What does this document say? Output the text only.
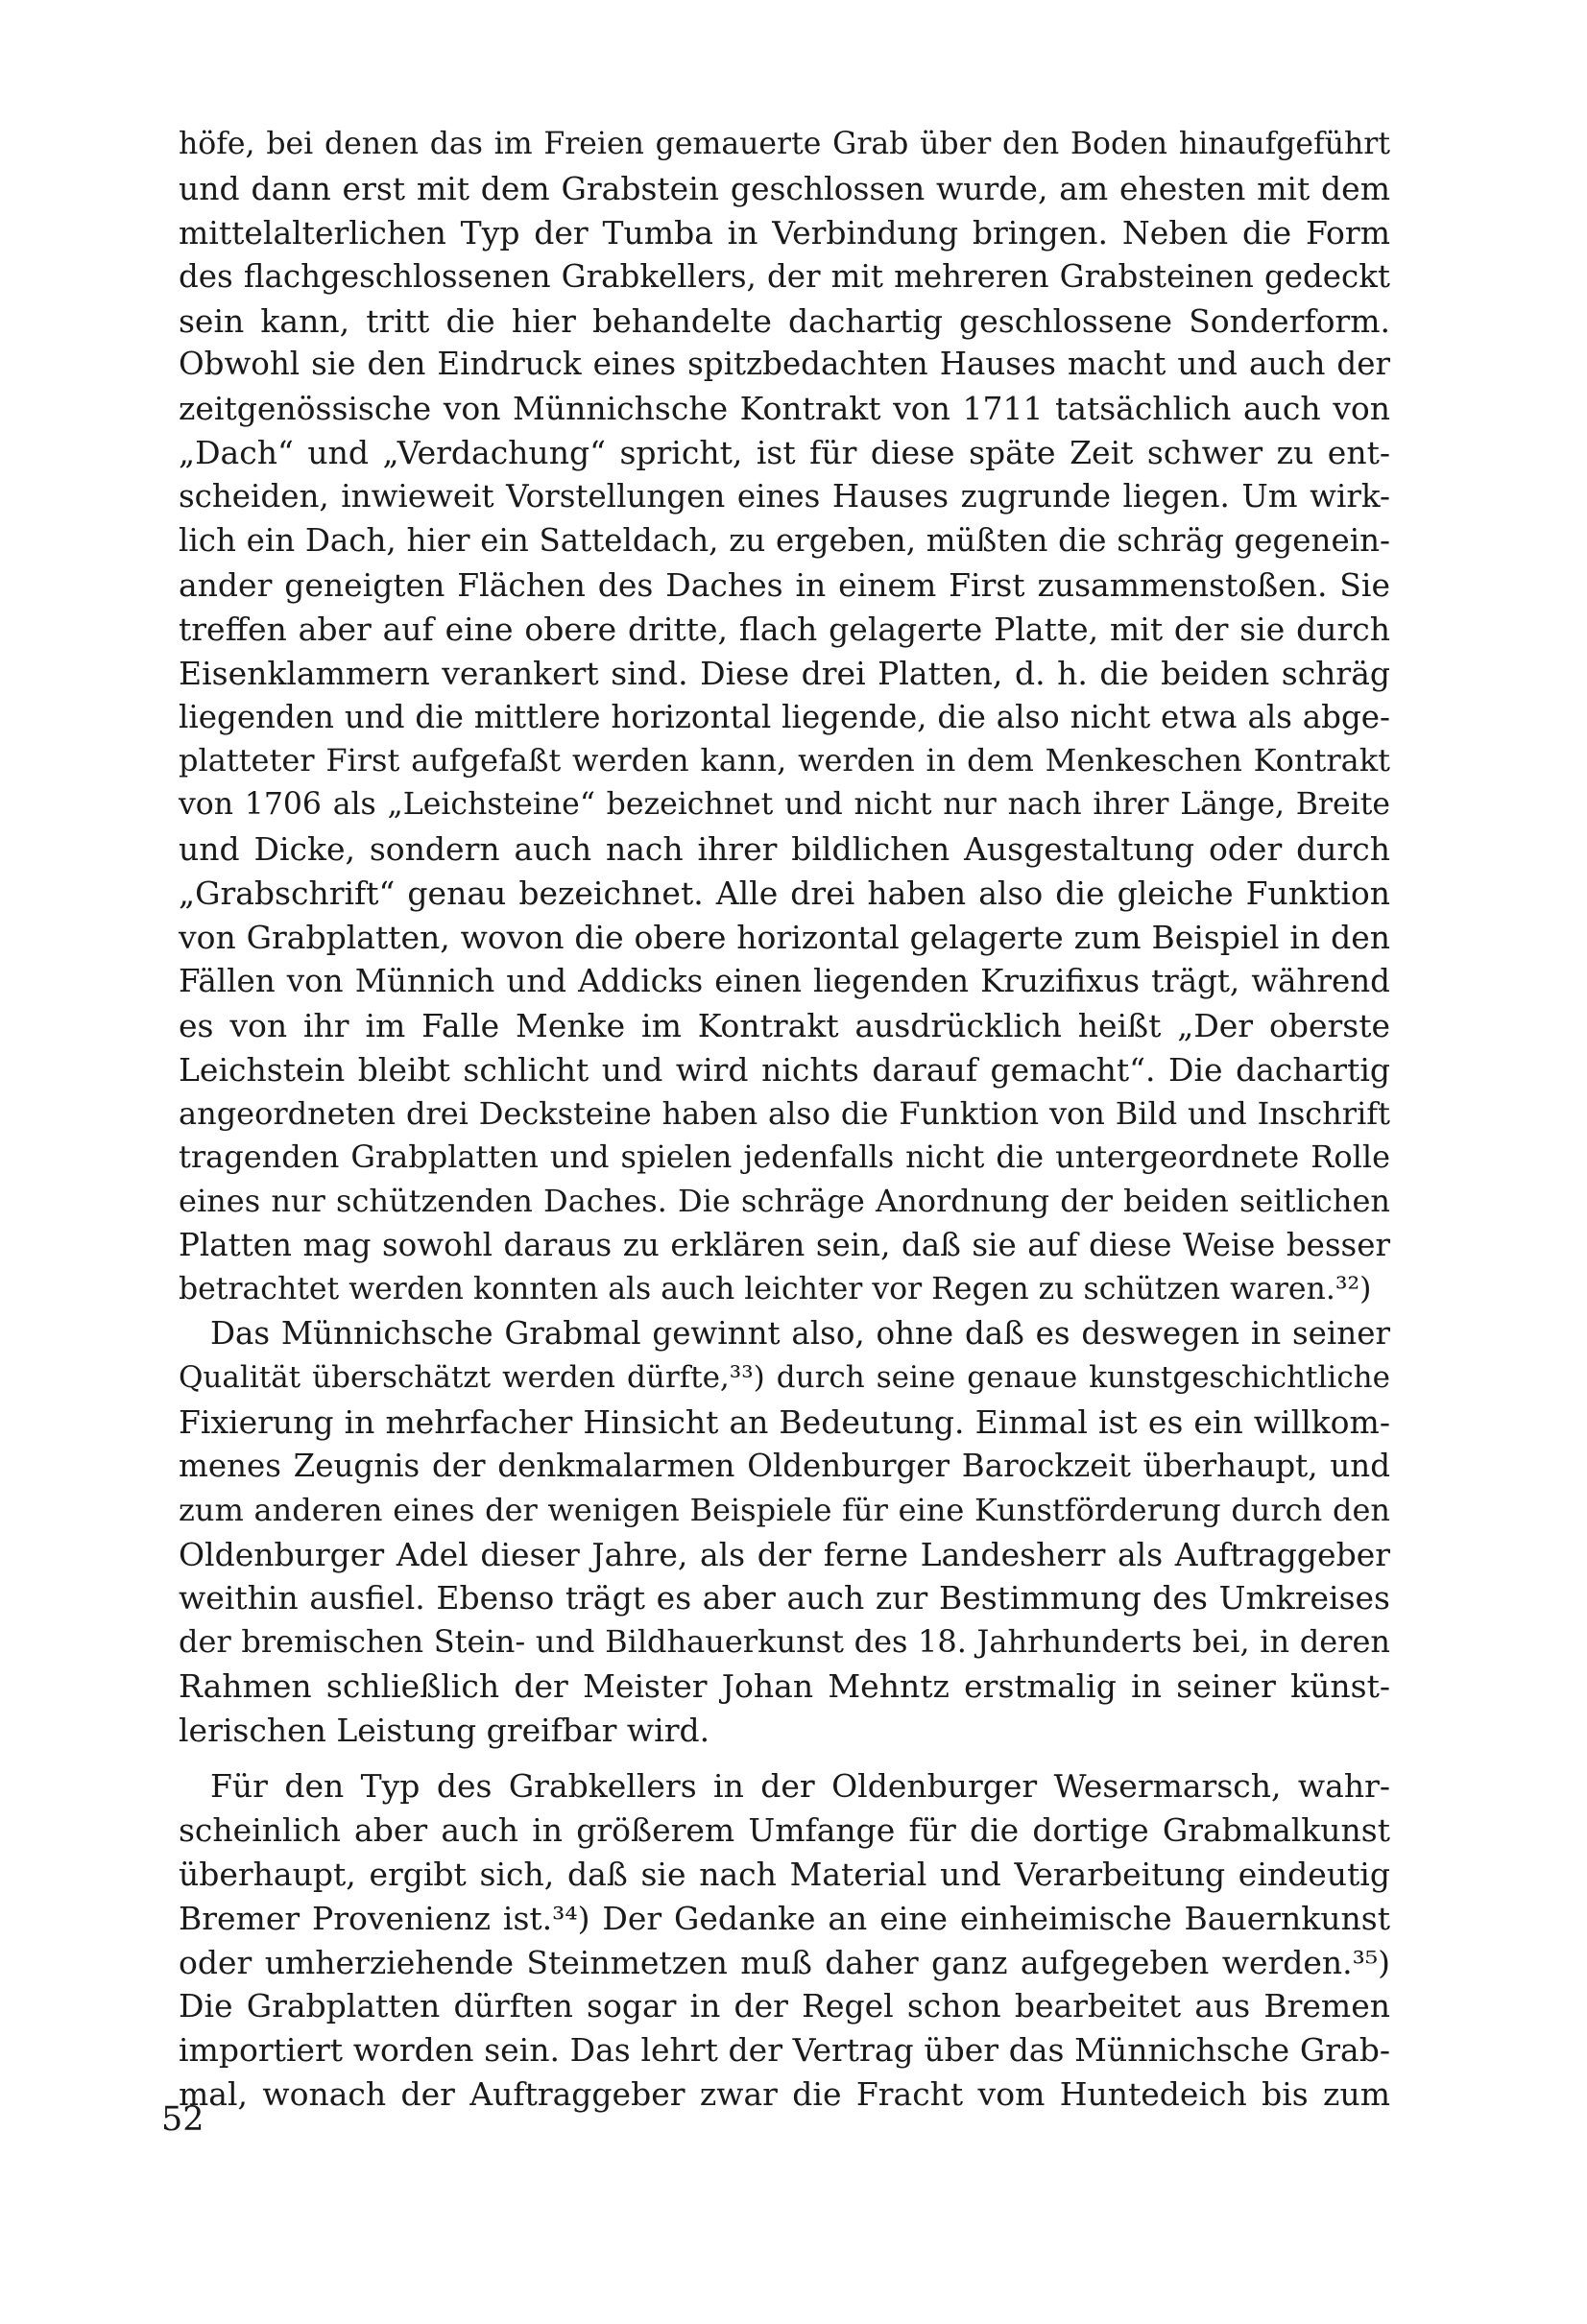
höfe, bei denen das im Freien gemauerte Grab über den Boden hinaufgeführt
und dann erst mit dem Grabstein geschlossen wurde, am ehesten mit dem
mittelalterlichen Typ der Tumba in Verbindung bringen. Neben die Form
des flachgeschlossenen Grabkellers, der mit mehreren Grabsteinen gedeckt
sein kann, tritt die hier behandelte dachartig geschlossene Sonderform.
Obwohl sie den Eindruck eines spitzbedachten Hauses macht und auch der
zeitgenössische von Münnichsche Kontrakt von 1711 tatsächlich auch von
„Dach“ und „Verdachung“ spricht, ist für diese späte Zeit schwer zu ent-
scheiden, inwieweit Vorstellungen eines Hauses zugrunde liegen. Um wirk-
lich ein Dach, hier ein Satteldach, zu ergeben, müßten die schräg gegenein-
ander geneigten Flächen des Daches in einem First zusammenstoßen. Sie
treffen aber auf eine obere dritte, flach gelagerte Platte, mit der sie durch
Eisenklammern verankert sind. Diese drei Platten, d. h. die beiden schräg
liegenden und die mittlere horizontal liegende, die also nicht etwa als abge-
platteter First aufgefaßt werden kann, werden in dem Menkeschen Kontrakt
von 1706 als „Leichsteine“ bezeichnet und nicht nur nach ihrer Länge, Breite
und Dicke, sondern auch nach ihrer bildlichen Ausgestaltung oder durch
„Grabschrift“ genau bezeichnet. Alle drei haben also die gleiche Funktion
von Grabplatten, wovon die obere horizontal gelagerte zum Beispiel in den
Fällen von Münnich und Addicks einen liegenden Kruzifixus trägt, während
es von ihr im Falle Menke im Kontrakt ausdrücklich heißt „Der oberste
Leichstein bleibt schlicht und wird nichts darauf gemacht“. Die dachartig
angeordneten drei Decksteine haben also die Funktion von Bild und Inschrift
tragenden Grabplatten und spielen jedenfalls nicht die untergeordnete Rolle
eines nur schützenden Daches. Die schräge Anordnung der beiden seitlichen
Platten mag sowohl daraus zu erklären sein, daß sie auf diese Weise besser
betrachtet werden konnten als auch leichter vor Regen zu schützen waren.³²)
Das Münnichsche Grabmal gewinnt also, ohne daß es deswegen in seiner
Qualität überschätzt werden dürfte,³³) durch seine genaue kunstgeschichtliche
Fixierung in mehrfacher Hinsicht an Bedeutung. Einmal ist es ein willkom-
menes Zeugnis der denkmalarmen Oldenburger Barockzeit überhaupt, und
zum anderen eines der wenigen Beispiele für eine Kunstförderung durch den
Oldenburger Adel dieser Jahre, als der ferne Landesherr als Auftraggeber
weithin ausfiel. Ebenso trägt es aber auch zur Bestimmung des Umkreises
der bremischen Stein- und Bildhauerkunst des 18. Jahrhunderts bei, in deren
Rahmen schließlich der Meister Johan Mehntz erstmalig in seiner künst-
lerischen Leistung greifbar wird.
Für den Typ des Grabkellers in der Oldenburger Wesermarsch, wahr-
scheinlich aber auch in größerem Umfange für die dortige Grabmalkunst
überhaupt, ergibt sich, daß sie nach Material und Verarbeitung eindeutig
Bremer Provenienz ist.³⁴) Der Gedanke an eine einheimische Bauernkunst
oder umherziehende Steinmetzen muß daher ganz aufgegeben werden.³⁵)
Die Grabplatten dürften sogar in der Regel schon bearbeitet aus Bremen
importiert worden sein. Das lehrt der Vertrag über das Münnichsche Grab-
mal, wonach der Auftraggeber zwar die Fracht vom Huntedeich bis zum
52
